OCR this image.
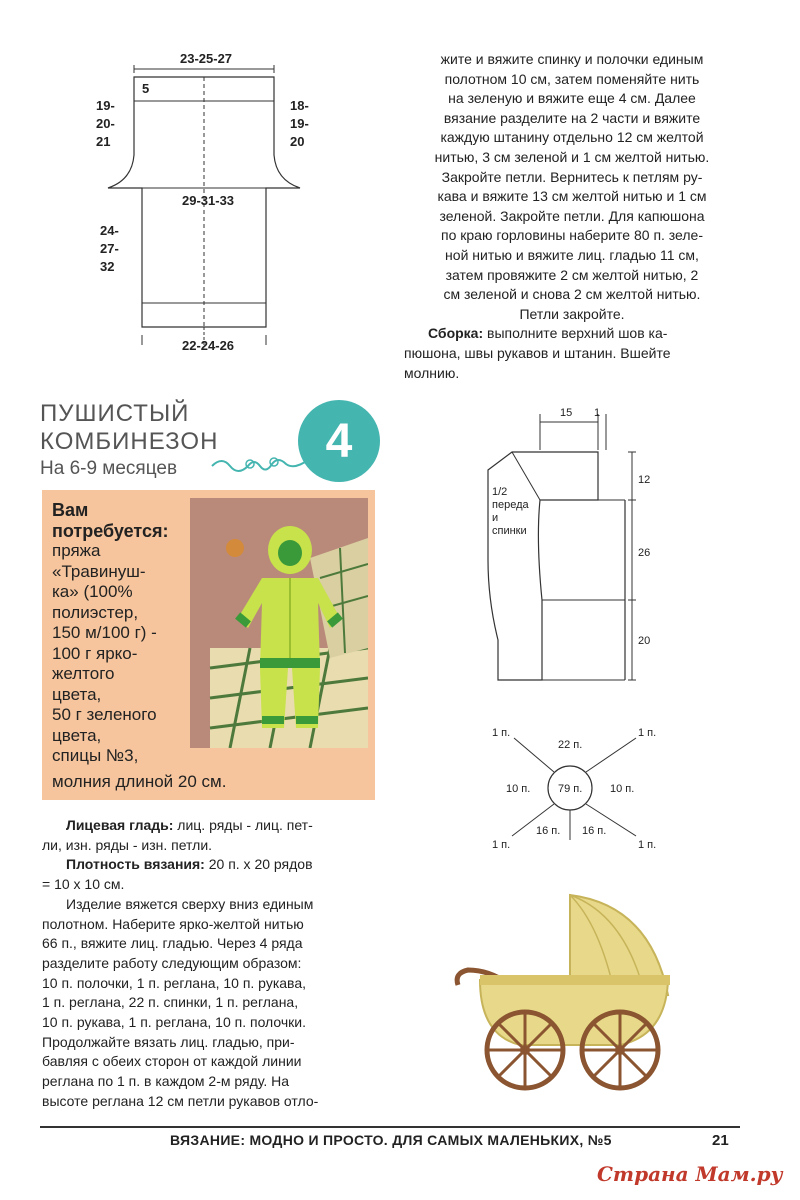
23-25-27
5
19-
20-
21
18-
19-
20
29-31-33
24-
27-
32
22-24-26

жите и вяжите спинку и полочки единым

полотном 10 см, затем поменяйте нить

на зеленую и вяжите еще 4 см. Далее

вязание разделите на 2 части и вяжите

каждую штанину отдельно 12 см желтой

нитью, 3 см зеленой и 1 см желтой нитью.

Закройте петли. Вернитесь к петлям ру-

кава и вяжите 13 см желтой нитью и 1 см

зеленой. Закройте петли. Для капюшона

по краю горловины наберите 80 п. зеле-

ной нитью и вяжите лиц. гладью 11 см,

затем провяжите 2 см желтой нитью, 2

см зеленой и снова 2 см желтой нитью.

Петли закройте.

Сборка: выполните верхний шов ка-

пюшона, швы рукавов и штанин. Вшейте

молнию.

ПУШИСТЫЙ
КОМБИНЕЗОН
На 6-9 месяцев
4
Вам потребуется:
пряжа
«Травинуш-
ка» (100%
полиэстер,
150 м/100 г) -
100 г ярко-
желтого
цвета,
50 г зеленого
цвета,
спицы №3,
молния длиной 20 см.

Лицевая гладь: лиц. ряды - лиц. пет-

ли, изн. ряды - изн. петли.

Плотность вязания: 20 п. х 20 рядов

= 10 х 10 см.

Изделие вяжется сверху вниз единым

полотном. Наберите ярко-желтой нитью

66 п., вяжите лиц. гладью. Через 4 ряда

разделите работу следующим образом:

10 п. полочки, 1 п. реглана, 10 п. рукава,

1 п. реглана, 22 п. спинки, 1 п. реглана,

10 п. рукава, 1 п. реглана, 10 п. полочки.

Продолжайте вязать лиц. гладью, при-

бавляя с обеих сторон от каждой линии

реглана по 1 п. в каждом 2-м ряду. На

высоте реглана 12 см петли рукавов отло-

15 1
1/2
переда
и
спинки
12
26
20
79 п.
22 п.
1 п.	1 п.
10 п.	10 п.
16 п. 16 п.
1 п.	1 п.
ВЯЗАНИЕ: МОДНО И ПРОСТО. ДЛЯ САМЫХ МАЛЕНЬКИХ, №5	21
Страна Мам.ру
